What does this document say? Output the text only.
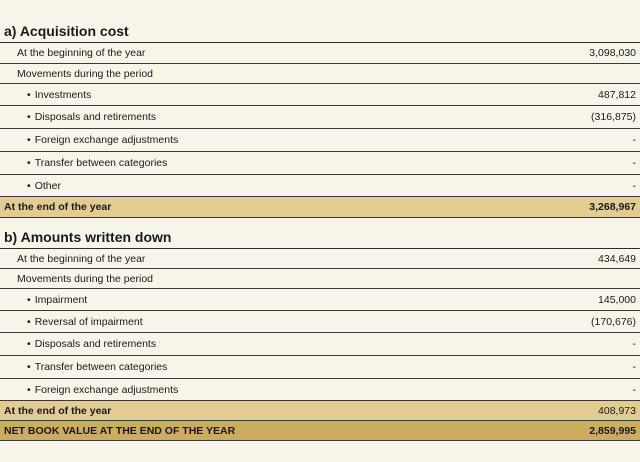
a) Acquisition cost
At the beginning of the year	3,098,030
Movements during the period
• Investments	487,812
• Disposals and retirements	(316,875)
• Foreign exchange adjustments	-
• Transfer between categories	-
• Other	-
At the end of the year	3,268,967
b) Amounts written down
At the beginning of the year	434,649
Movements during the period
• Impairment	145,000
• Reversal of impairment	(170,676)
• Disposals and retirements	-
• Transfer between categories	-
• Foreign exchange adjustments	-
At the end of the year	408,973
NET BOOK VALUE AT THE END OF THE YEAR	2,859,995
